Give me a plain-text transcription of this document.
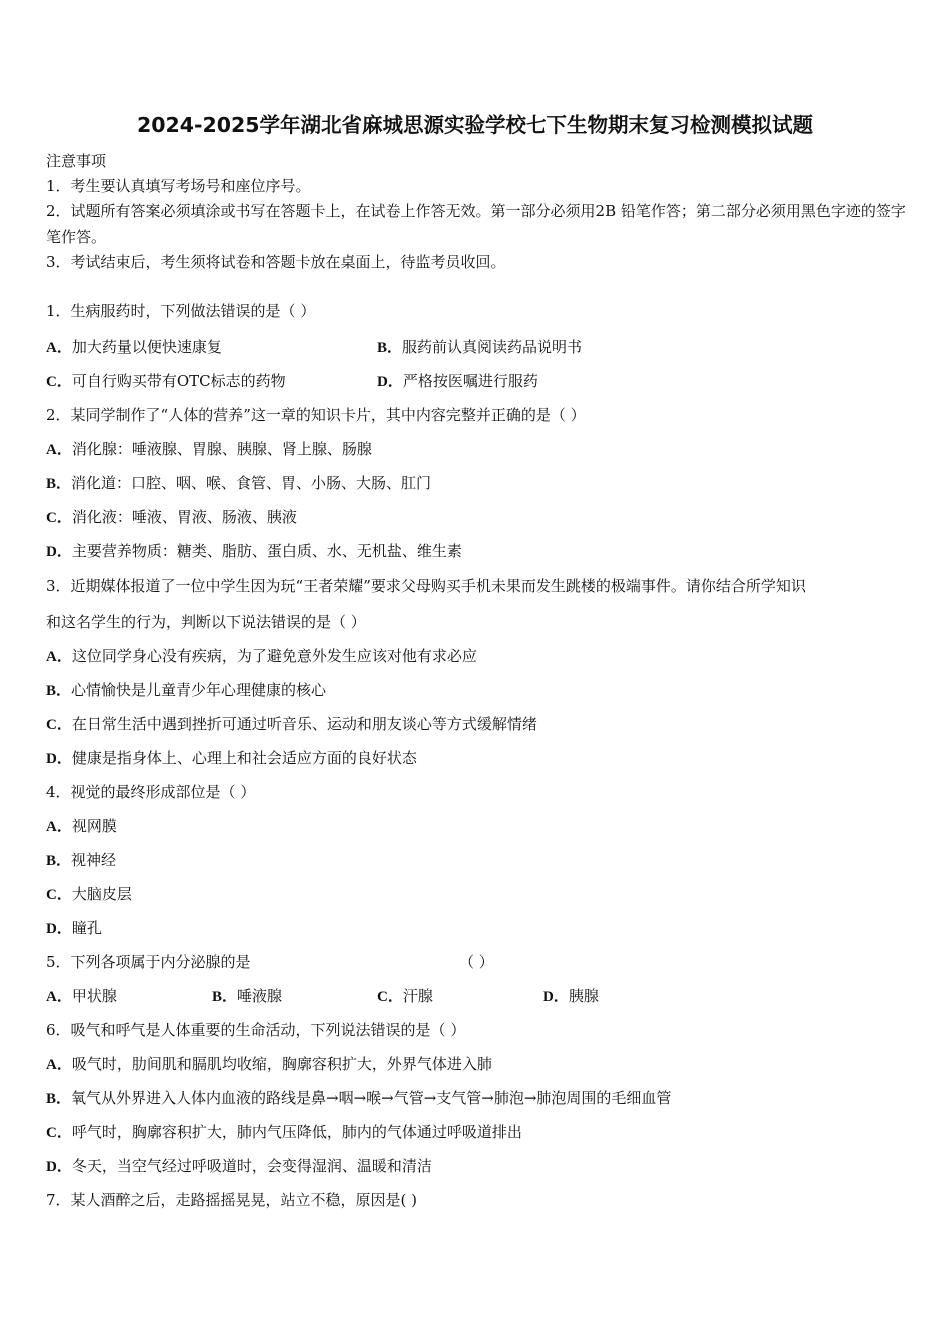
2024-2025学年湖北省麻城思源实验学校七下生物期末复习检测模拟试题
注意事项
1．考生要认真填写考场号和座位序号。
2．试题所有答案必须填涂或书写在答题卡上，在试卷上作答无效。第一部分必须用2B 铅笔作答；第二部分必须用黑色字迹的签字笔作答。
3．考试结束后，考生须将试卷和答题卡放在桌面上，待监考员收回。
1．生病服药时，下列做法错误的是（ ）
A．加大药量以便快速康复	B．服药前认真阅读药品说明书
C．可自行购买带有OTC标志的药物	D．严格按医嘱进行服药
2．某同学制作了“人体的营养”这一章的知识卡片，其中内容完整并正确的是（ ）
A．消化腺：唾液腺、胃腺、胰腺、肾上腺、肠腺
B．消化道：口腔、咽、喉、食管、胃、小肠、大肠、肛门
C．消化液：唾液、胃液、肠液、胰液
D．主要营养物质：糖类、脂肪、蛋白质、水、无机盐、维生素
3．近期媒体报道了一位中学生因为玩“王者荣耀”要求父母购买手机未果而发生跳楼的极端事件。请你结合所学知识
和这名学生的行为，判断以下说法错误的是（ ）
A．这位同学身心没有疾病，为了避免意外发生应该对他有求必应
B．心情愉快是儿童青少年心理健康的核心
C．在日常生活中遇到挫折可通过听音乐、运动和朋友谈心等方式缓解情绪
D．健康是指身体上、心理上和社会适应方面的良好状态
4．视觉的最终形成部位是（ ）
A．视网膜
B．视神经
C．大脑皮层
D．瞳孔
5．下列各项属于内分泌腺的是	（ ）
A．甲状腺	B．唾液腺	C．汗腺	D．胰腺
6．吸气和呼气是人体重要的生命活动，下列说法错误的是（ ）
A．吸气时，肋间肌和膈肌均收缩，胸廓容积扩大，外界气体进入肺
B．氧气从外界进入人体内血液的路线是鼻→咽→喉→气管→支气管→肺泡→肺泡周围的毛细血管
C．呼气时，胸廓容积扩大，肺内气压降低，肺内的气体通过呼吸道排出
D．冬天，当空气经过呼吸道时，会变得湿润、温暖和清洁
7．某人酒醉之后，走路摇摇晃晃，站立不稳，原因是( )
